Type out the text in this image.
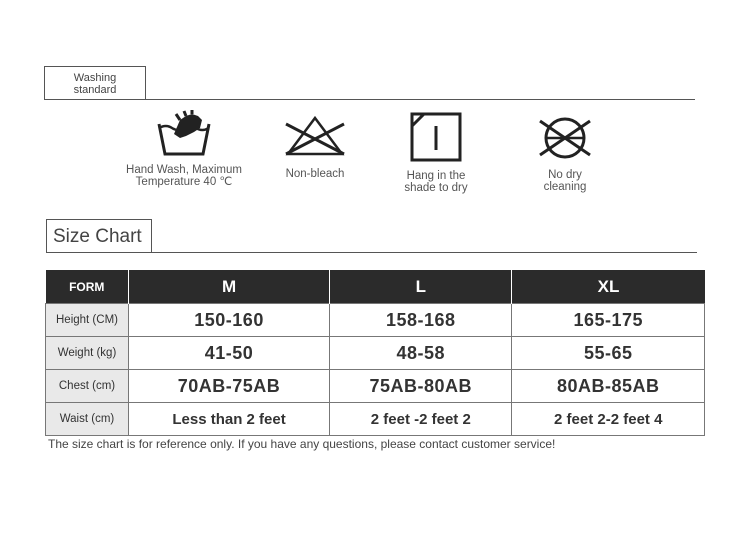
Washing
standard
Hand Wash, Maximum
Temperature 40 ℃
Non-bleach	Hang in the
shade to dry
No dry
cleaning
Size Chart
FORM	M	L	XL
Height (CM)	150-160	158-168	165-175
Weight (kg)	41-50	48-58	55-65
Chest (cm)	70AB-75AB	75AB-80AB	80AB-85AB
Waist (cm)	Less than 2 feet	2 feet -2 feet 2	2 feet 2-2 feet 4
The size chart is for reference only. If you have any questions, please contact customer service!
